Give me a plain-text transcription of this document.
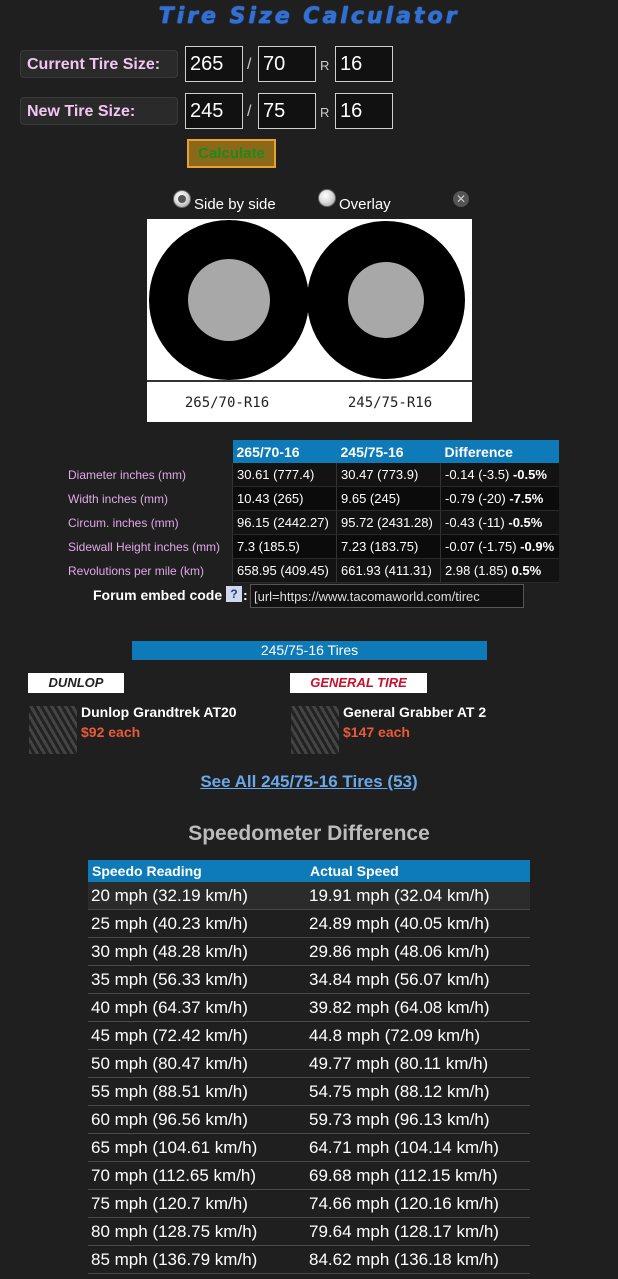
Tire Size Calculator
Current Tire Size:
265	/
70	R
16
New Tire Size:
245	/
75	R
16
Calculate
Side by side	Overlay	✕
265/70-R16	245/75-R16
	265/70-16	245/75-16	Difference
Diameter inches (mm)	30.61 (777.4)	30.47 (773.9)	-0.14 (-3.5) -0.5%
Width inches (mm)	10.43 (265)	9.65 (245)	-0.79 (-20) -7.5%
Circum. inches (mm)	96.15 (2442.27)	95.72 (2431.28)	-0.43 (-11) -0.5%
Sidewall Height inches (mm)	7.3 (185.5)	7.23 (183.75)	-0.07 (-1.75) -0.9%
Revolutions per mile (km)	658.95 (409.45)	661.93 (411.31)	2.98 (1.85) 0.5%
Forum embed code ? :
[url=https://www.tacomaworld.com/tirec
245/75-16 Tires
DUNLOP
Dunlop Grandtrek AT20
$92 each
GENERAL TIRE
General Grabber AT 2
$147 each
See All 245/75-16 Tires (53)
Speedometer Difference
Speedo Reading	Actual Speed
20 mph (32.19 km/h)	19.91 mph (32.04 km/h)
25 mph (40.23 km/h)	24.89 mph (40.05 km/h)
30 mph (48.28 km/h)	29.86 mph (48.06 km/h)
35 mph (56.33 km/h)	34.84 mph (56.07 km/h)
40 mph (64.37 km/h)	39.82 mph (64.08 km/h)
45 mph (72.42 km/h)	44.8 mph (72.09 km/h)
50 mph (80.47 km/h)	49.77 mph (80.11 km/h)
55 mph (88.51 km/h)	54.75 mph (88.12 km/h)
60 mph (96.56 km/h)	59.73 mph (96.13 km/h)
65 mph (104.61 km/h)	64.71 mph (104.14 km/h)
70 mph (112.65 km/h)	69.68 mph (112.15 km/h)
75 mph (120.7 km/h)	74.66 mph (120.16 km/h)
80 mph (128.75 km/h)	79.64 mph (128.17 km/h)
85 mph (136.79 km/h)	84.62 mph (136.18 km/h)
